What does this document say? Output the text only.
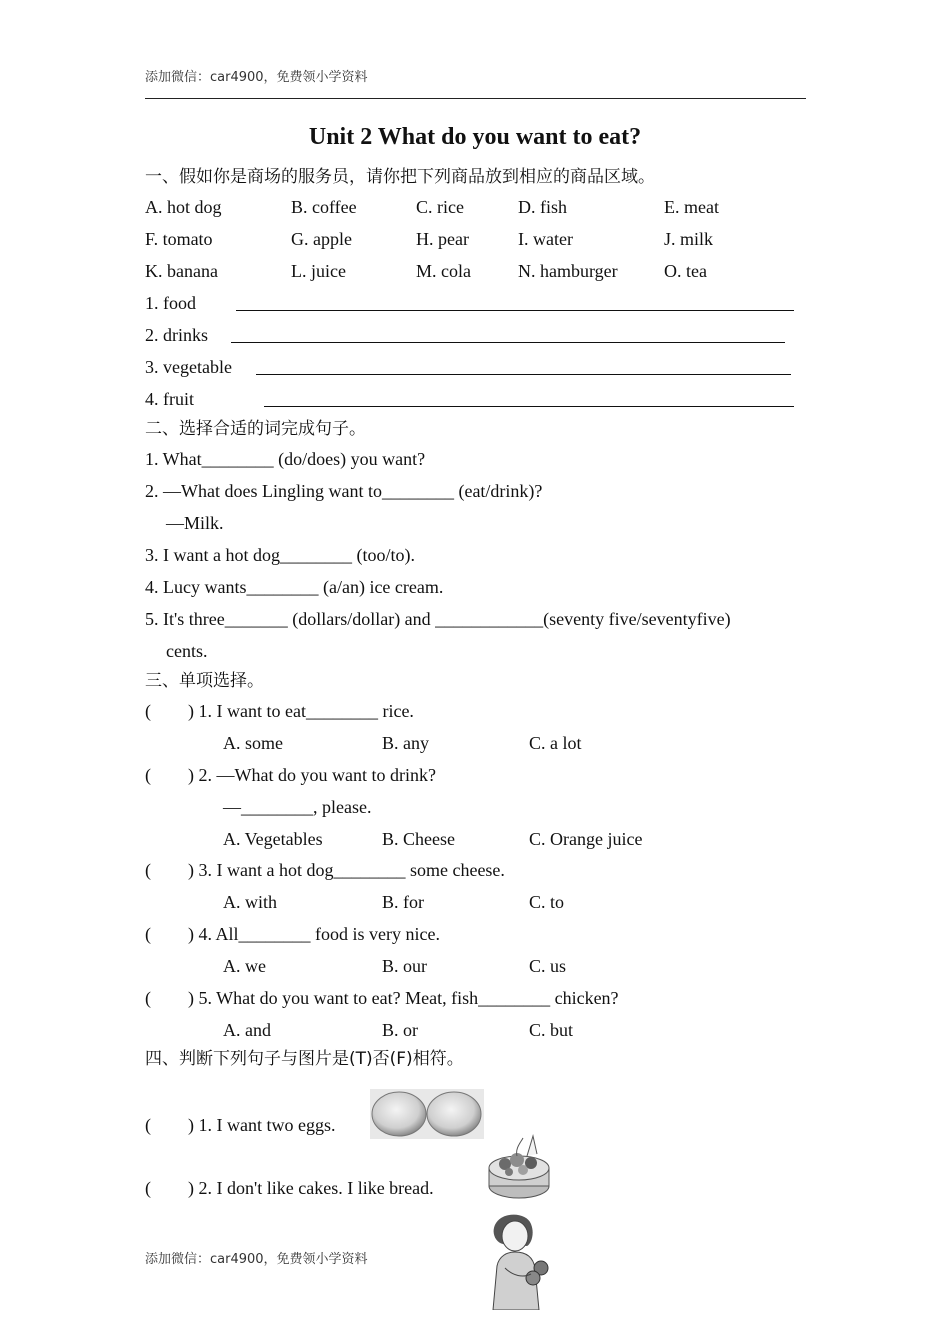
添加微信：car4900，免费领小学资料
Unit 2 What do you want to eat?
一、假如你是商场的服务员，请你把下列商品放到相应的商品区域。
A. hot dog	B. coffee	C. rice	D. fish	E. meat
F. tomato	G. apple	H. pear	I. water	J. milk
K. banana	L. juice	M. cola	N. hamburger	O. tea
1. food
2. drinks
3. vegetable
4. fruit
二、选择合适的词完成句子。
1. What________ (do/does) you want?
2. —What does Lingling want to________ (eat/drink)?
—Milk.
3. I want a hot dog________ (too/to).
4. Lucy wants________ (a/an) ice cream.
5. It's three_______ (dollars/dollar) and ____________(seventy five/seventyfive)
cents.
三、单项选择。
( ) 1. I want to eat________ rice.
A. some	B. any	C. a lot
( ) 2. —What do you want to drink?
—________, please.
A. Vegetables	B. Cheese	C. Orange juice
( ) 3. I want a hot dog________ some cheese.
A. with	B. for	C. to
( ) 4. All________ food is very nice.
A. we	B. our	C. us
( ) 5. What do you want to eat? Meat, fish________ chicken?
A. and	B. or	C. but
四、判断下列句子与图片是(T)否(F)相符。
( ) 1. I want two eggs.
( ) 2. I don't like cakes. I like bread.
添加微信：car4900，免费领小学资料
